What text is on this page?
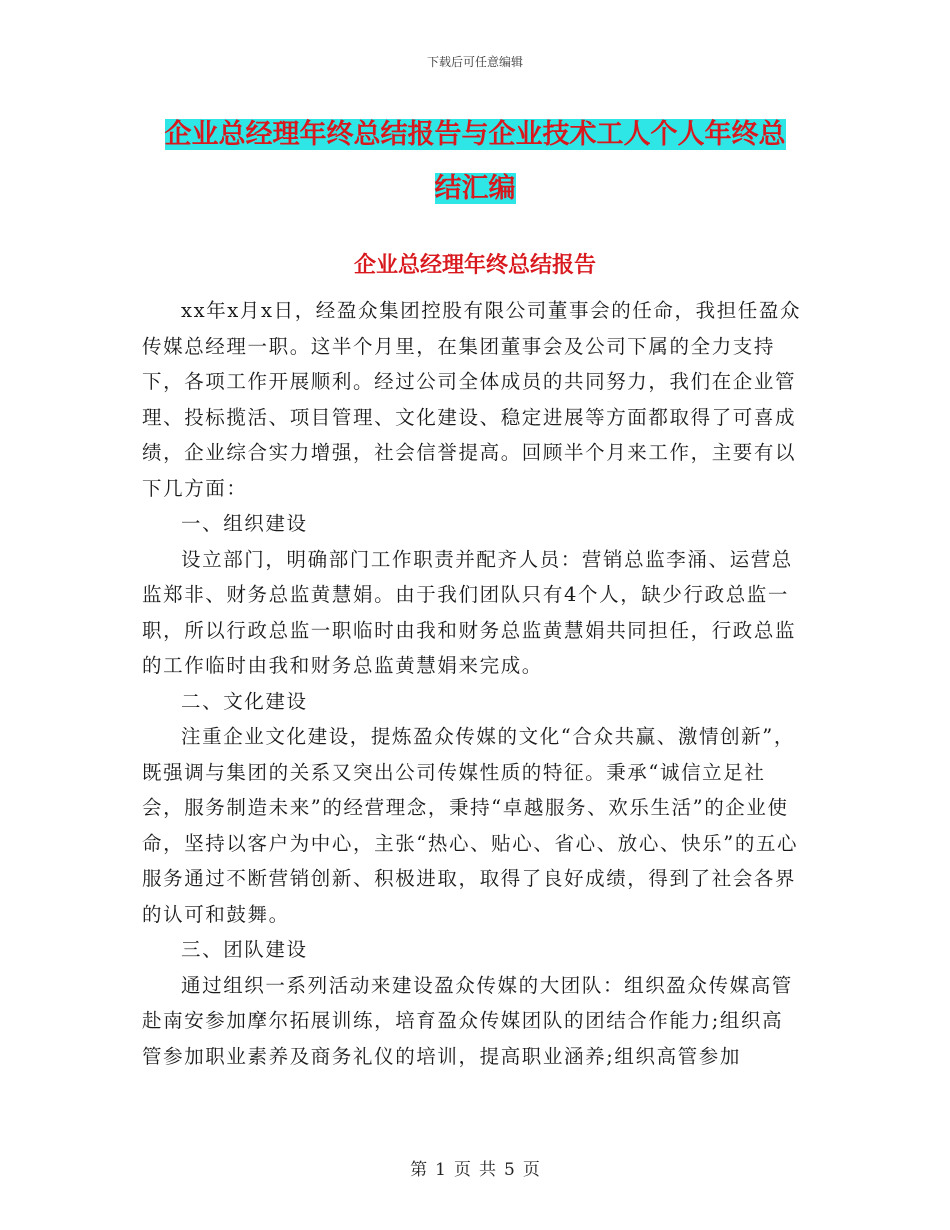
下载后可任意编辑
企业总经理年终总结报告与企业技术工人个人年终总
结汇编
企业总经理年终总结报告

xx年x月x日，经盈众集团控股有限公司董事会的任命，我担任盈众传媒总经理一职。这半个月里，在集团董事会及公司下属的全力支持下，各项工作开展顺利。经过公司全体成员的共同努力，我们在企业管理、投标揽活、项目管理、文化建设、稳定进展等方面都取得了可喜成绩，企业综合实力增强，社会信誉提高。回顾半个月来工作，主要有以下几方面：

一、组织建设

设立部门，明确部门工作职责并配齐人员：营销总监李涌、运营总监郑非、财务总监黄慧娟。由于我们团队只有4个人，缺少行政总监一职，所以行政总监一职临时由我和财务总监黄慧娟共同担任，行政总监的工作临时由我和财务总监黄慧娟来完成。

二、文化建设

注重企业文化建设，提炼盈众传媒的文化“合众共赢、激情创新”，既强调与集团的关系又突出公司传媒性质的特征。秉承“诚信立足社会，服务制造未来”的经营理念，秉持“卓越服务、欢乐生活”的企业使命，坚持以客户为中心，主张“热心、贴心、省心、放心、快乐”的五心服务通过不断营销创新、积极进取，取得了良好成绩，得到了社会各界的认可和鼓舞。

三、团队建设

通过组织一系列活动来建设盈众传媒的大团队：组织盈众传媒高管赴南安参加摩尔拓展训练，培育盈众传媒团队的团结合作能力;组织高管参加职业素养及商务礼仪的培训，提高职业涵养;组织高管参加

第 1 页 共 5 页
